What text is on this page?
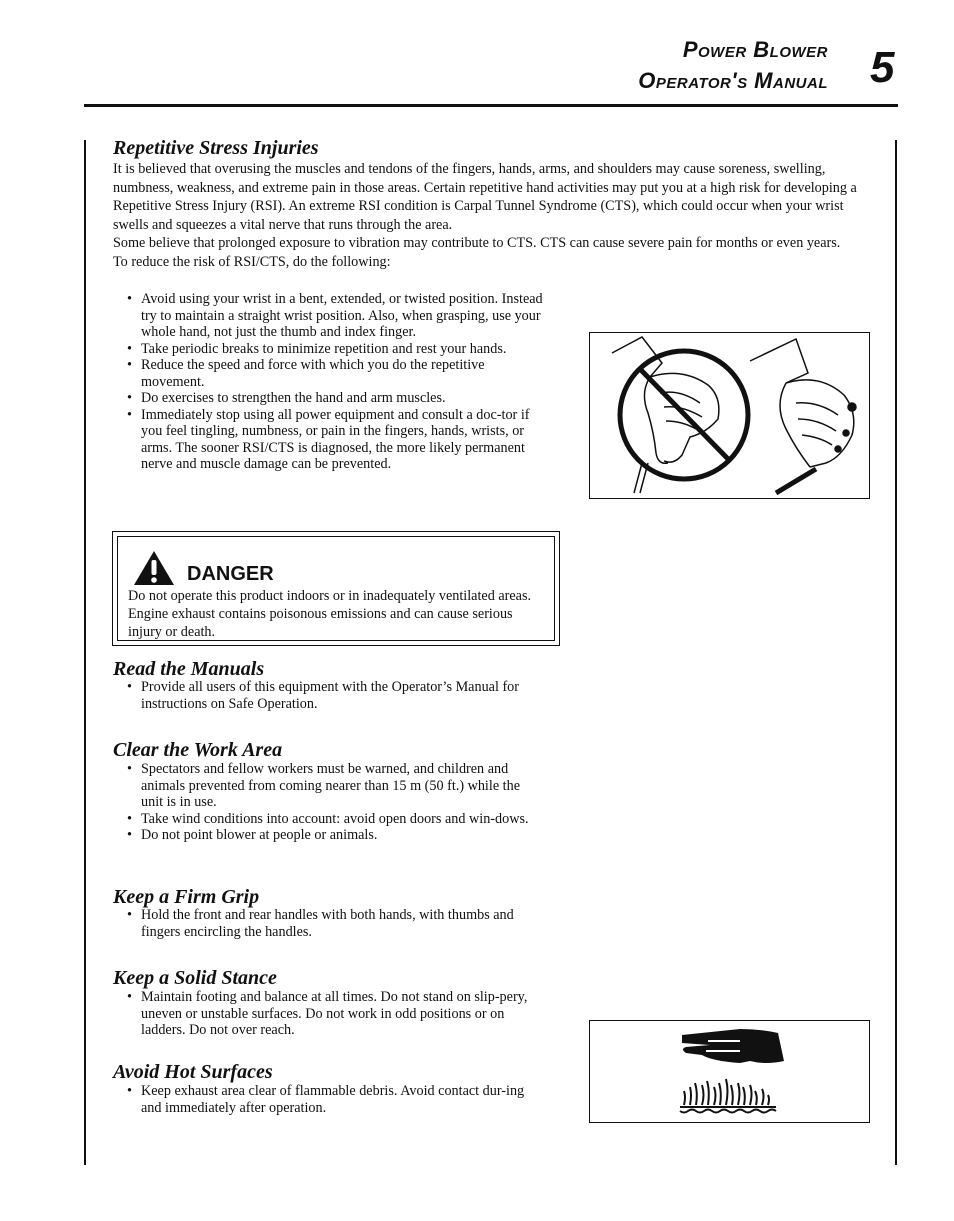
Power Blower
Operator's Manual 5
Repetitive Stress Injuries

It is believed that overusing the muscles and tendons of the fingers, hands, arms, and shoulders may cause soreness, swelling, numbness, weakness, and extreme pain in those areas. Certain repetitive hand activities may put you at a high risk for developing a Repetitive Stress Injury (RSI). An extreme RSI condition is Carpal Tunnel Syndrome (CTS), which could occur when your wrist swells and squeezes a vital nerve that runs through the area.

Some believe that prolonged exposure to vibration may contribute to CTS. CTS can cause severe pain for months or even years.

To reduce the risk of RSI/CTS, do the following:

• Avoid using your wrist in a bent, extended, or twisted position. Instead try to maintain a straight wrist position. Also, when grasping, use your whole hand, not just the thumb and index finger.
• Take periodic breaks to minimize repetition and rest your hands.
• Reduce the speed and force with which you do the repetitive movement.
• Do exercises to strengthen the hand and arm muscles.
• Immediately stop using all power equipment and consult a doc-tor if you feel tingling, numbness, or pain in the fingers, hands, wrists, or arms. The sooner RSI/CTS is diagnosed, the more likely permanent nerve and muscle damage can be prevented.
DANGER
Do not operate this product indoors or in inadequately ventilated areas. Engine exhaust contains poisonous emissions and can cause serious injury or death.
Read the Manuals
• Provide all users of this equipment with the Operator’s Manual for instructions on Safe Operation.
Clear the Work Area
• Spectators and fellow workers must be warned, and children and animals prevented from coming nearer than 15 m (50 ft.) while the unit is in use.
• Take wind conditions into account: avoid open doors and win-dows.
• Do not point blower at people or animals.
Keep a Firm Grip
• Hold the front and rear handles with both hands, with thumbs and fingers encircling the handles.
Keep a Solid Stance
• Maintain footing and balance at all times. Do not stand on slip-pery, uneven or unstable surfaces. Do not work in odd positions or on ladders. Do not over reach.
Avoid Hot Surfaces
• Keep exhaust area clear of flammable debris. Avoid contact dur-ing and immediately after operation.
